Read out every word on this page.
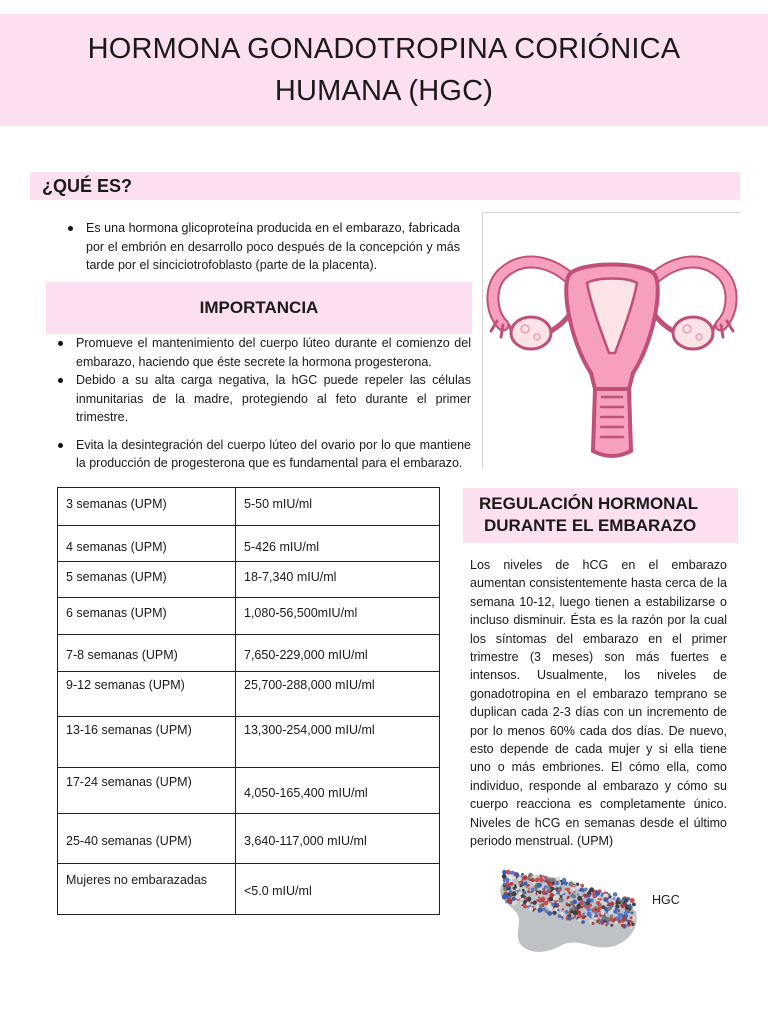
HORMONA GONADOTROPINA CORIÓNICA
HUMANA (HGC)
¿QUÉ ES?
Es una hormona glicoproteína producida en el embarazo, fabricada por el embrión en desarrollo poco después de la concepción y más tarde por el sinciciotrofoblasto (parte de la placenta).
IMPORTANCIA
Promueve el mantenimiento del cuerpo lúteo durante el comienzo del embarazo, haciendo que éste secrete la hormona progesterona.
Debido a su alta carga negativa, la hGC puede repeler las células inmunitarias de la madre, protegiendo al feto durante el primer trimestre.
Evita la desintegración del cuerpo lúteo del ovario por lo que mantiene la producción de progesterona que es fundamental para el embarazo.
3 semanas (UPM)	5-50 mIU/ml
4 semanas (UPM)	5-426 mIU/ml
5 semanas (UPM)	18-7,340 mIU/ml
6 semanas (UPM)	1,080-56,500mIU/ml
7-8 semanas (UPM)	7,650-229,000 mIU/ml
9-12 semanas (UPM)	25,700-288,000 mIU/ml
13-16 semanas (UPM)	13,300-254,000 mIU/ml
17-24 semanas (UPM)	4,050-165,400 mIU/ml
25-40 semanas (UPM)	3,640-117,000 mIU/ml
Mujeres no embarazadas	<5.0 mIU/ml
REGULACIÓN HORMONAL
DURANTE EL EMBARAZO

Los niveles de hCG en el embarazo aumentan consistentemente hasta cerca de la semana 10-12, luego tienen a estabilizarse o incluso disminuir. Ésta es la razón por la cual los síntomas del embarazo en el primer trimestre (3 meses) son más fuertes e intensos. Usualmente, los niveles de gonadotropina en el embarazo temprano se duplican cada 2-3 días con un incremento de por lo menos 60% cada dos días. De nuevo, esto depende de cada mujer y si ella tiene uno o más embriones. El cómo ella, como individuo, responde al embarazo y cómo su cuerpo reacciona es completamente único. Niveles de hCG en semanas desde el último periodo menstrual. (UPM)

HGC
